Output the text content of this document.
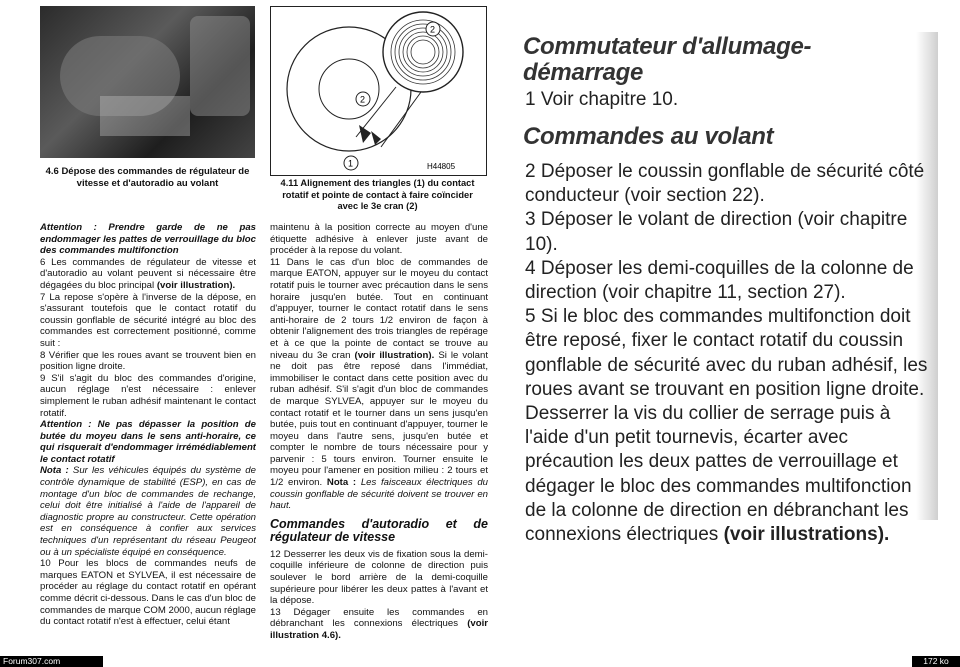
4.6 Dépose des commandes de régulateur de
vitesse et d'autoradio au volant
2
2
1	H44805
4.11 Alignement des triangles (1) du contact
rotatif et pointe de contact à faire coïncider
avec le 3e cran (2)

Attention : Prendre garde de ne pas endommager les pattes de verrouillage du bloc des commandes multifonction

6 Les commandes de régulateur de vitesse et d'autoradio au volant peuvent si nécessaire être dégagées du bloc principal (voir illustration).

7 La repose s'opère à l'inverse de la dépose, en s'assurant toutefois que le contact rotatif du coussin gonflable de sécurité intégré au bloc des commandes est correctement positionné, comme suit :

8 Vérifier que les roues avant se trouvent bien en position ligne droite.

9 S'il s'agit du bloc des commandes d'origine, aucun réglage n'est nécessaire : enlever simplement le ruban adhésif maintenant le contact rotatif.

Attention : Ne pas dépasser la position de butée du moyeu dans le sens anti-horaire, ce qui risquerait d'endommager irrémédiablement le contact rotatif

Nota : Sur les véhicules équipés du système de contrôle dynamique de stabilité (ESP), en cas de montage d'un bloc de commandes de rechange, celui doit être initialisé à l'aide de l'appareil de diagnostic propre au constructeur. Cette opération est en conséquence à confier aux services techniques d'un représentant du réseau Peugeot ou à un spécialiste équipé en conséquence.

10 Pour les blocs de commandes neufs de marques EATON et SYLVEA, il est nécessaire de procéder au réglage du contact rotatif en opérant comme décrit ci-dessous. Dans le cas d'un bloc de commandes de marque COM 2000, aucun réglage du contact rotatif n'est à effectuer, celui étant

maintenu à la position correcte au moyen d'une étiquette adhésive à enlever juste avant de procéder à la repose du volant.

11 Dans le cas d'un bloc de commandes de marque EATON, appuyer sur le moyeu du contact rotatif puis le tourner avec précaution dans le sens horaire jusqu'en butée. Tout en continuant d'appuyer, tourner le contact rotatif dans le sens anti-horaire de 2 tours 1/2 environ de façon à obtenir l'alignement des trois triangles de repérage et à ce que la pointe de contact se trouve au niveau du 3e cran (voir illustration). Si le volant ne doit pas être reposé dans l'immédiat, immobiliser le contact dans cette position avec du ruban adhésif. S'il s'agit d'un bloc de commandes de marque SYLVEA, appuyer sur le moyeu du contact rotatif et le tourner dans un sens jusqu'en butée, puis tout en continuant d'appuyer, tourner le moyeu dans l'autre sens, jusqu'en butée et compter le nombre de tours nécessaire pour y parvenir : 5 tours environ. Tourner ensuite le moyeu pour l'amener en position milieu : 2 tours et 1/2 environ. Nota : Les faisceaux électriques du coussin gonflable de sécurité doivent se trouver en haut.

Commandes d'autoradio et de régulateur de vitesse

12 Desserrer les deux vis de fixation sous la demi-coquille inférieure de colonne de direction puis soulever le bord arrière de la demi-coquille supérieure pour libérer les deux pattes à l'avant et la dépose.

13 Dégager ensuite les commandes en débranchant les connexions électriques (voir illustration 4.6).

Commutateur d'allumage-
démarrage
1 Voir chapitre 10.
Commandes au volant

2 Déposer le coussin gonflable de sécurité côté conducteur (voir section 22).

3 Déposer le volant de direction (voir chapitre 10).

4 Déposer les demi-coquilles de la colonne de direction (voir chapitre 11, section 27).

5 Si le bloc des commandes multifonction doit être reposé, fixer le contact rotatif du coussin gonflable de sécurité avec du ruban adhésif, les roues avant se trouvant en position ligne droite. Desserrer la vis du collier de serrage puis à l'aide d'un petit tournevis, écarter avec précaution les deux pattes de verrouillage et dégager le bloc des commandes multifonction de la colonne de direction en débranchant les connexions électriques (voir illustrations).

Forum307.com	172 ko
